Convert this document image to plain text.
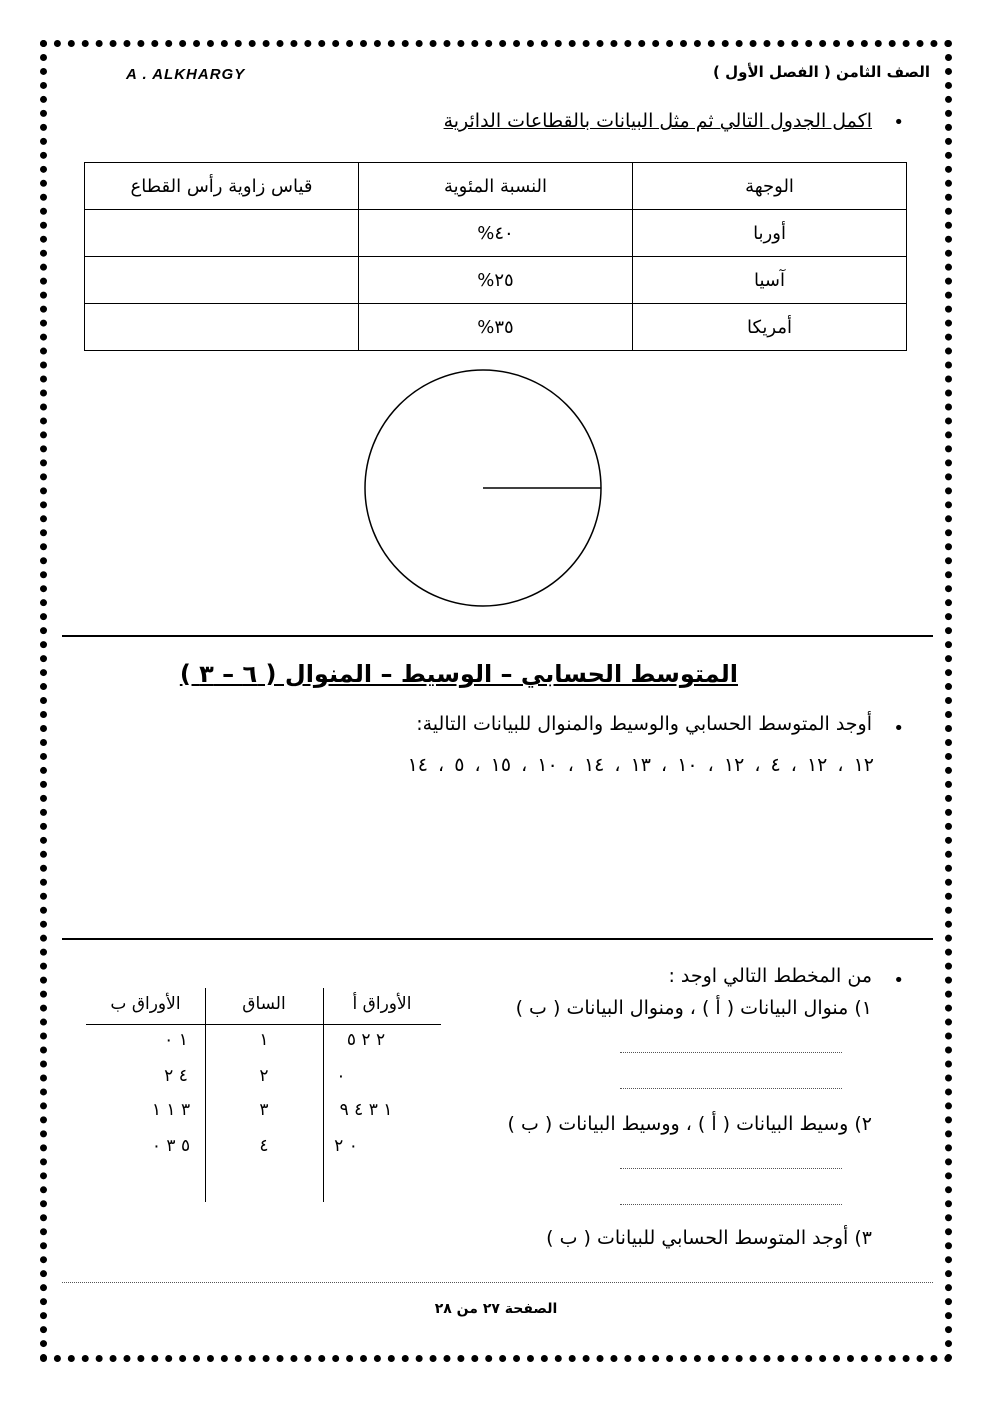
الصف الثامن ( الفصل الأول )
A . ALKHARGY
•
اكمل الجدول التالي ثم مثل البيانات بالقطاعات الدائرية
الوجهة	النسبة المئوية	قياس زاوية رأس القطاع
أوربا	٤٠%	
آسيا	٢٥%	
أمريكا	٣٥%	
المتوسط الحسابي – الوسيط – المنوال ( ٦ – ٣ )
•
أوجد المتوسط الحسابي والوسيط والمنوال للبيانات التالية:
١٢ ، ١٢ ، ٤ ، ١٢ ، ١٠ ، ١٣ ، ١٤ ، ١٠ ، ١٥ ، ٥ ، ١٤
•
من المخطط التالي اوجد :
١) منوال البيانات ( أ ) ، ومنوال البيانات ( ب )
٢) وسيط البيانات ( أ ) ، ووسيط البيانات ( ب )
٣) أوجد المتوسط الحسابي للبيانات ( ب )
الأوراق ب	الساق	الأوراق أ
١ ٠	١	٢ ٢ ٥
٤ ٢	٢	٠
٣ ١ ١	٣	١ ٣ ٤ ٩
٥ ٣ ٠	٤	٠ ٢
الصفحة ٢٧ من ٢٨
